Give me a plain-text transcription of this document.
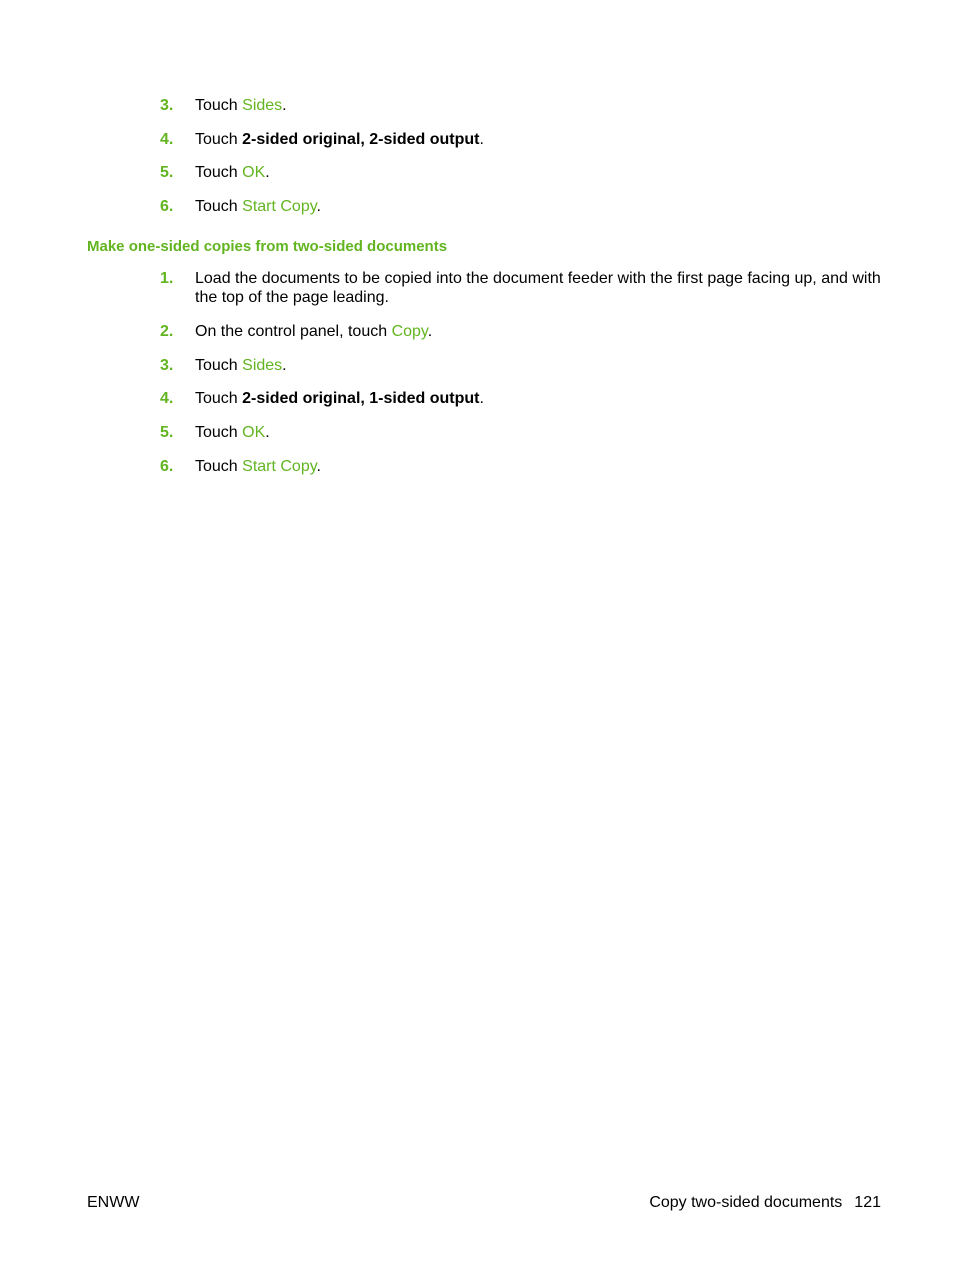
3. Touch Sides.
4. Touch 2-sided original, 2-sided output.
5. Touch OK.
6. Touch Start Copy.
Make one-sided copies from two-sided documents
1. Load the documents to be copied into the document feeder with the first page facing up, and with the top of the page leading.
2. On the control panel, touch Copy.
3. Touch Sides.
4. Touch 2-sided original, 1-sided output.
5. Touch OK.
6. Touch Start Copy.
ENWW	Copy two-sided documents 121
